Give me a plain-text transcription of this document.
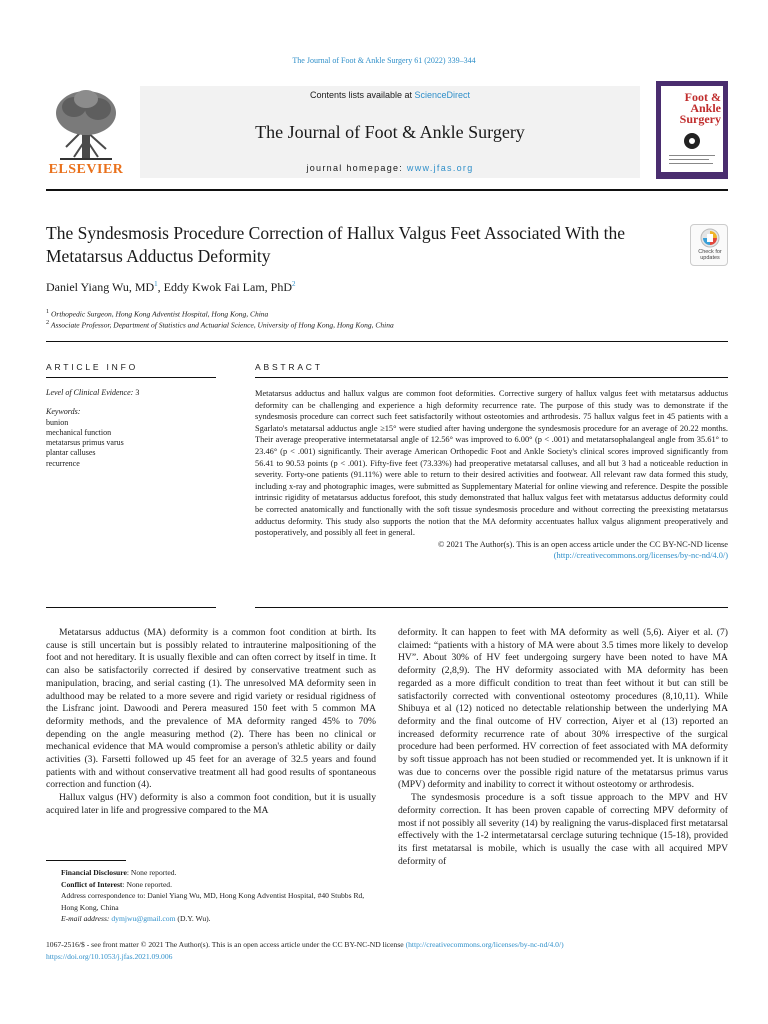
The Journal of Foot & Ankle Surgery 61 (2022) 339–344
ELSEVIER
Contents lists available at ScienceDirect
The Journal of Foot & Ankle Surgery
journal homepage: www.jfas.org
Foot & Ankle Surgery
The Syndesmosis Procedure Correction of Hallux Valgus Feet Associated With the Metatarsus Adductus Deformity	Check for updates
Daniel Yiang Wu, $MD^1$, Eddy Kwok Fai Lam, PhD$^2$
$^1$ Orthopedic Surgeon, Hong Kong Adventist Hospital, Hong Kong, China
$^2$ Associate Professor, Department of Statistics and Actuarial Science, University of Hong Kong, Hong Kong, China
ARTICLE INFO	ABSTRACT
Level of Clinical Evidence: 3
Keywords:
bunion
mechanical function
metatarsus primus varus
plantar calluses
recurrence
Metatarsus adductus and hallux valgus are common foot deformities. Corrective surgery of hallux valgus feet with metatarsus adductus deformity can be challenging and experience a high deformity recurrence rate. The purpose of this study was to demonstrate if the syndesmosis procedure can correct such feet satisfactorily without osteotomies and arthrodesis. 75 hallux valgus feet in 45 patients with a Sgarlato's metatarsal adductus angle ≥15° were studied after having undergone the syndesmosis procedure for an average of 20.22 months. Their average preoperative intermetatarsal angle of 12.56° was improved to 6.00° (p < .001) and metatarsophalangeal angle from 35.61° to 23.46° (p < .001) significantly. Their average American Orthopedic Foot and Ankle Society's clinical scores improved significantly from 56.41 to 90.53 points (p < .001). Fifty-five feet (73.33%) had preoperative metatarsal calluses, and all but 3 had a noticeable reduction in severity. Forty-one patients (91.11%) were able to return to their desired activities and footwear. All relevant raw data formed this study, including x-ray and photographic images, were submitted as Supplementary Material for online viewing and reference. Despite the possible intrinsic rigidity of metatarsus adductus forefoot, this study demonstrated that hallux valgus feet with metatarsus adductus deformity could be corrected anatomically and functionally with the soft tissue syndesmosis procedure and without correcting the preexisting metatarsus adductus deformity. This study also supports the notion that the MA deformity accentuates hallux valgus alignment preoperatively and postoperatively, and possibly all feet in general.
© 2021 The Author(s). This is an open access article under the CC BY-NC-ND license
(http://creativecommons.org/licenses/by-nc-nd/4.0/)

Metatarsus adductus (MA) deformity is a common foot condition at birth. Its cause is still uncertain but is possibly related to intrauterine malpositioning of the foot and not hereditary. It is usually flexible and can often correct by itself in time. It can also be satisfactorily corrected if desired by conservative treatment such as manipulation, bracing, and serial casting (1). The unresolved MA deformity seen in adulthood may be related to a more severe and rigid variety or residual rigidness of the Lisfranc joint. Dawoodi and Perera measured 150 feet with 5 common MA deformity methods, and the prevalence of MA deformity ranged 45% to 70% depending on the angle measuring method (2). There has been no clinical or mechanical evidence that MA would compromise a person's athletic ability or daily activities (3). Farsetti followed up 45 feet for an average of 32.5 years and found patients with and without conservative treatment all had good results of spontaneous correction and function (4).

Hallux valgus (HV) deformity is also a common foot condition, but it is usually acquired later in life and progressive compared to the MA

deformity. It can happen to feet with MA deformity as well (5,6). Aiyer et al. (7) claimed: “patients with a history of MA were about 3.5 times more likely to develop HV”. About 30% of HV feet undergoing surgery have been noted to have MA deformity (2,8,9). The HV deformity associated with MA deformity has been regarded as a more difficult condition to treat than feet without it but can still be satisfactorily corrected with conventional osteotomy procedures (8,10,11). While Shibuya et al (12) noticed no detectable relationship between the underlying MA deformity and the final outcome of HV correction, Aiyer et al (13) reported an increased deformity recurrence rate of about 30% irrespective of the surgical procedure had been performed. HV correction of feet associated with MA deformity by soft tissue approach has not been studied or recommended yet. It is unknown if it was due to concerns over the possible rigid nature of the metatarsus primus varus (MPV) deformity and inability to correct it without osteotomy or arthrodesis.

The syndesmosis procedure is a soft tissue approach to the MPV and HV deformity correction. It has been proven capable of correcting MPV deformity of most if not possibly all severity (14) by realigning the varus-displaced first metatarsal effectively with the 1-2 intermetatarsal cerclage suturing technique (15-18), provided its first metatarsal is mobile, which is usually the case with all acquired MPV deformity of

Financial Disclosure: None reported.
Conflict of Interest: None reported.
Address correspondence to: Daniel Yiang Wu, MD, Hong Kong Adventist Hospital, #40 Stubbs Rd, Hong Kong, China
E-mail address: dymjwu@gmail.com (D.Y. Wu).
1067-2516/$ - see front matter © 2021 The Author(s). This is an open access article under the CC BY-NC-ND license (http://creativecommons.org/licenses/by-nc-nd/4.0/)
https://doi.org/10.1053/j.jfas.2021.09.006
